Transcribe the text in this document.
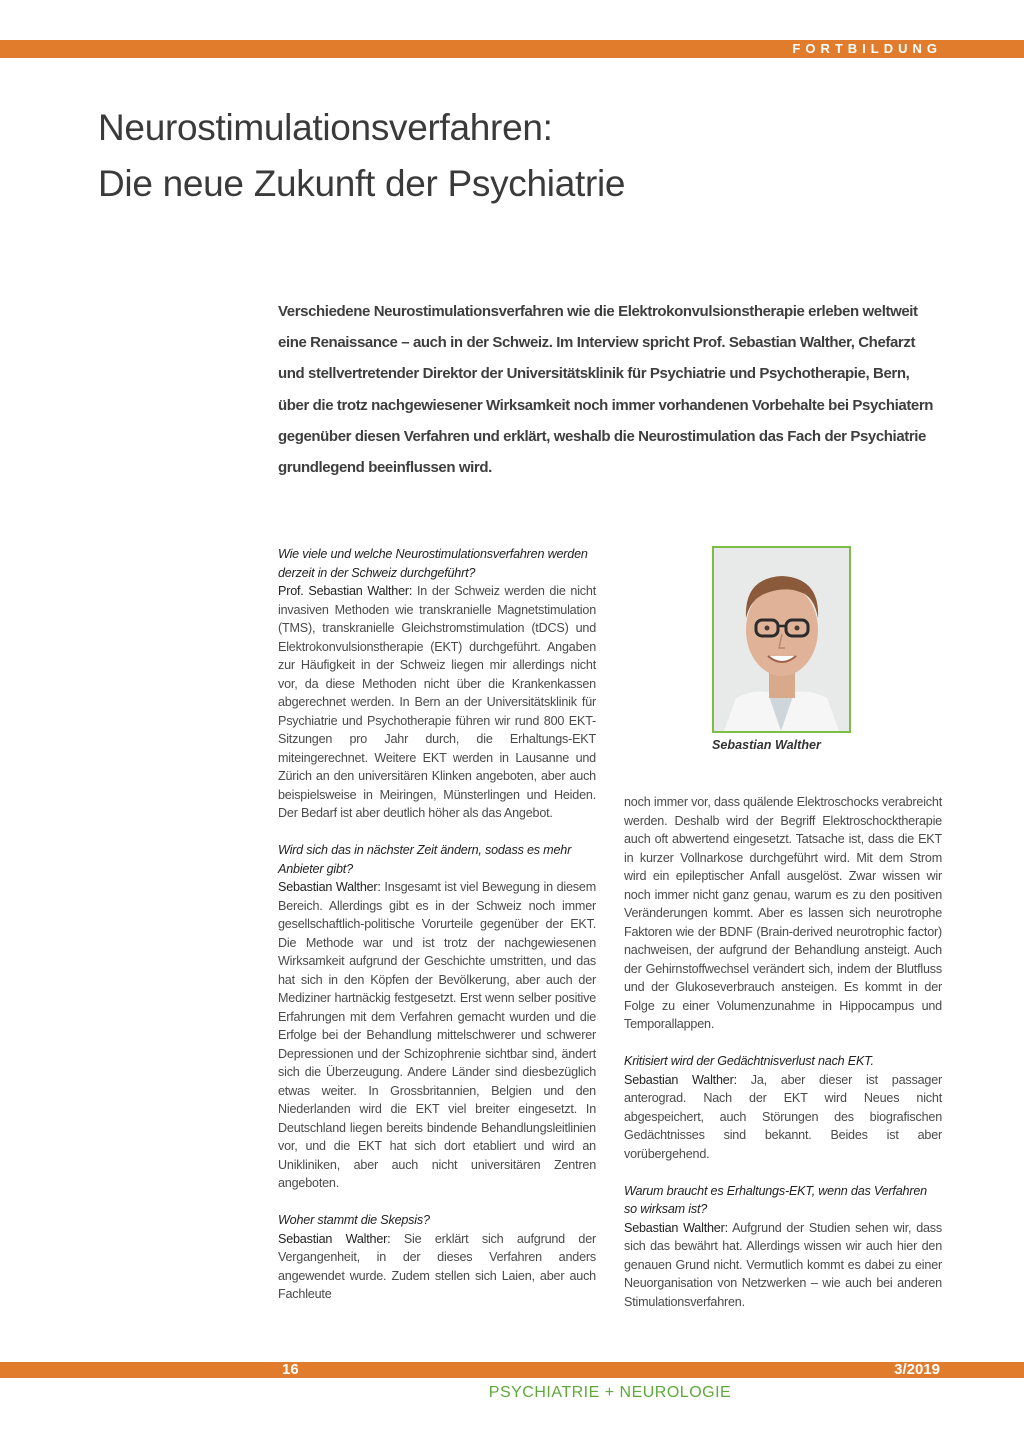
FORTBILDUNG
Neurostimulationsverfahren:
Die neue Zukunft der Psychiatrie
Verschiedene Neurostimulationsverfahren wie die Elektrokonvulsionstherapie erleben weltweit eine Renaissance – auch in der Schweiz. Im Interview spricht Prof. Sebastian Walther, Chefarzt und stellvertretender Direktor der Universitätsklinik für Psychiatrie und Psychotherapie, Bern, über die trotz nachgewiesener Wirksamkeit noch immer vorhandenen Vorbehalte bei Psychiatern gegenüber diesen Verfahren und erklärt, weshalb die Neurostimulation das Fach der Psychiatrie grundlegend beeinflussen wird.

Wie viele und welche Neurostimulationsverfahren werden derzeit in der Schweiz durchgeführt?
Prof. Sebastian Walther: In der Schweiz werden die nicht invasiven Methoden wie transkranielle Magnetstimulation (TMS), transkranielle Gleichstromstimulation (tDCS) und Elektrokonvulsionstherapie (EKT) durchgeführt. Angaben zur Häufigkeit in der Schweiz liegen mir allerdings nicht vor, da diese Methoden nicht über die Krankenkassen abgerechnet werden. In Bern an der Universitätsklinik für Psychiatrie und Psychotherapie führen wir rund 800 EKT-Sitzungen pro Jahr durch, die Erhaltungs-EKT miteingerechnet. Weitere EKT werden in Lausanne und Zürich an den universitären Klinken angeboten, aber auch beispielsweise in Meiringen, Münsterlingen und Heiden. Der Bedarf ist aber deutlich höher als das Angebot.

Wird sich das in nächster Zeit ändern, sodass es mehr Anbieter gibt?
Sebastian Walther: Insgesamt ist viel Bewegung in diesem Bereich. Allerdings gibt es in der Schweiz noch immer gesellschaftlich-politische Vorurteile gegenüber der EKT. Die Methode war und ist trotz der nachgewiesenen Wirksamkeit aufgrund der Geschichte umstritten, und das hat sich in den Köpfen der Bevölkerung, aber auch der Mediziner hartnäckig festgesetzt. Erst wenn selber positive Erfahrungen mit dem Verfahren gemacht wurden und die Erfolge bei der Behandlung mittelschwerer und schwerer Depressionen und der Schizophrenie sichtbar sind, ändert sich die Überzeugung. Andere Länder sind diesbezüglich etwas weiter. In Grossbritannien, Belgien und den Niederlanden wird die EKT viel breiter eingesetzt. In Deutschland liegen bereits bindende Behandlungsleitlinien vor, und die EKT hat sich dort etabliert und wird an Unikliniken, aber auch nicht universitären Zentren angeboten.

Woher stammt die Skepsis?
Sebastian Walther: Sie erklärt sich aufgrund der Vergangenheit, in der dieses Verfahren anders angewendet wurde. Zudem stellen sich Laien, aber auch Fachleute

Sebastian Walther

noch immer vor, dass quälende Elektroschocks verabreicht werden. Deshalb wird der Begriff Elektroschocktherapie auch oft abwertend eingesetzt. Tatsache ist, dass die EKT in kurzer Vollnarkose durchgeführt wird. Mit dem Strom wird ein epileptischer Anfall ausgelöst. Zwar wissen wir noch immer nicht ganz genau, warum es zu den positiven Veränderungen kommt. Aber es lassen sich neurotrophe Faktoren wie der BDNF (Brain-derived neurotrophic factor) nachweisen, der aufgrund der Behandlung ansteigt. Auch der Gehirnstoffwechsel verändert sich, indem der Blutfluss und der Glukoseverbrauch ansteigen. Es kommt in der Folge zu einer Volumenzunahme in Hippocampus und Temporallappen.

Kritisiert wird der Gedächtnisverlust nach EKT.
Sebastian Walther: Ja, aber dieser ist passager anterograd. Nach der EKT wird Neues nicht abgespeichert, auch Störungen des biografischen Gedächtnisses sind bekannt. Beides ist aber vorübergehend.

Warum braucht es Erhaltungs-EKT, wenn das Verfahren so wirksam ist?
Sebastian Walther: Aufgrund der Studien sehen wir, dass sich das bewährt hat. Allerdings wissen wir auch hier den genauen Grund nicht. Vermutlich kommt es dabei zu einer Neuorganisation von Netzwerken – wie auch bei anderen Stimulationsverfahren.

16	3/2019
PSYCHIATRIE + NEUROLOGIE
